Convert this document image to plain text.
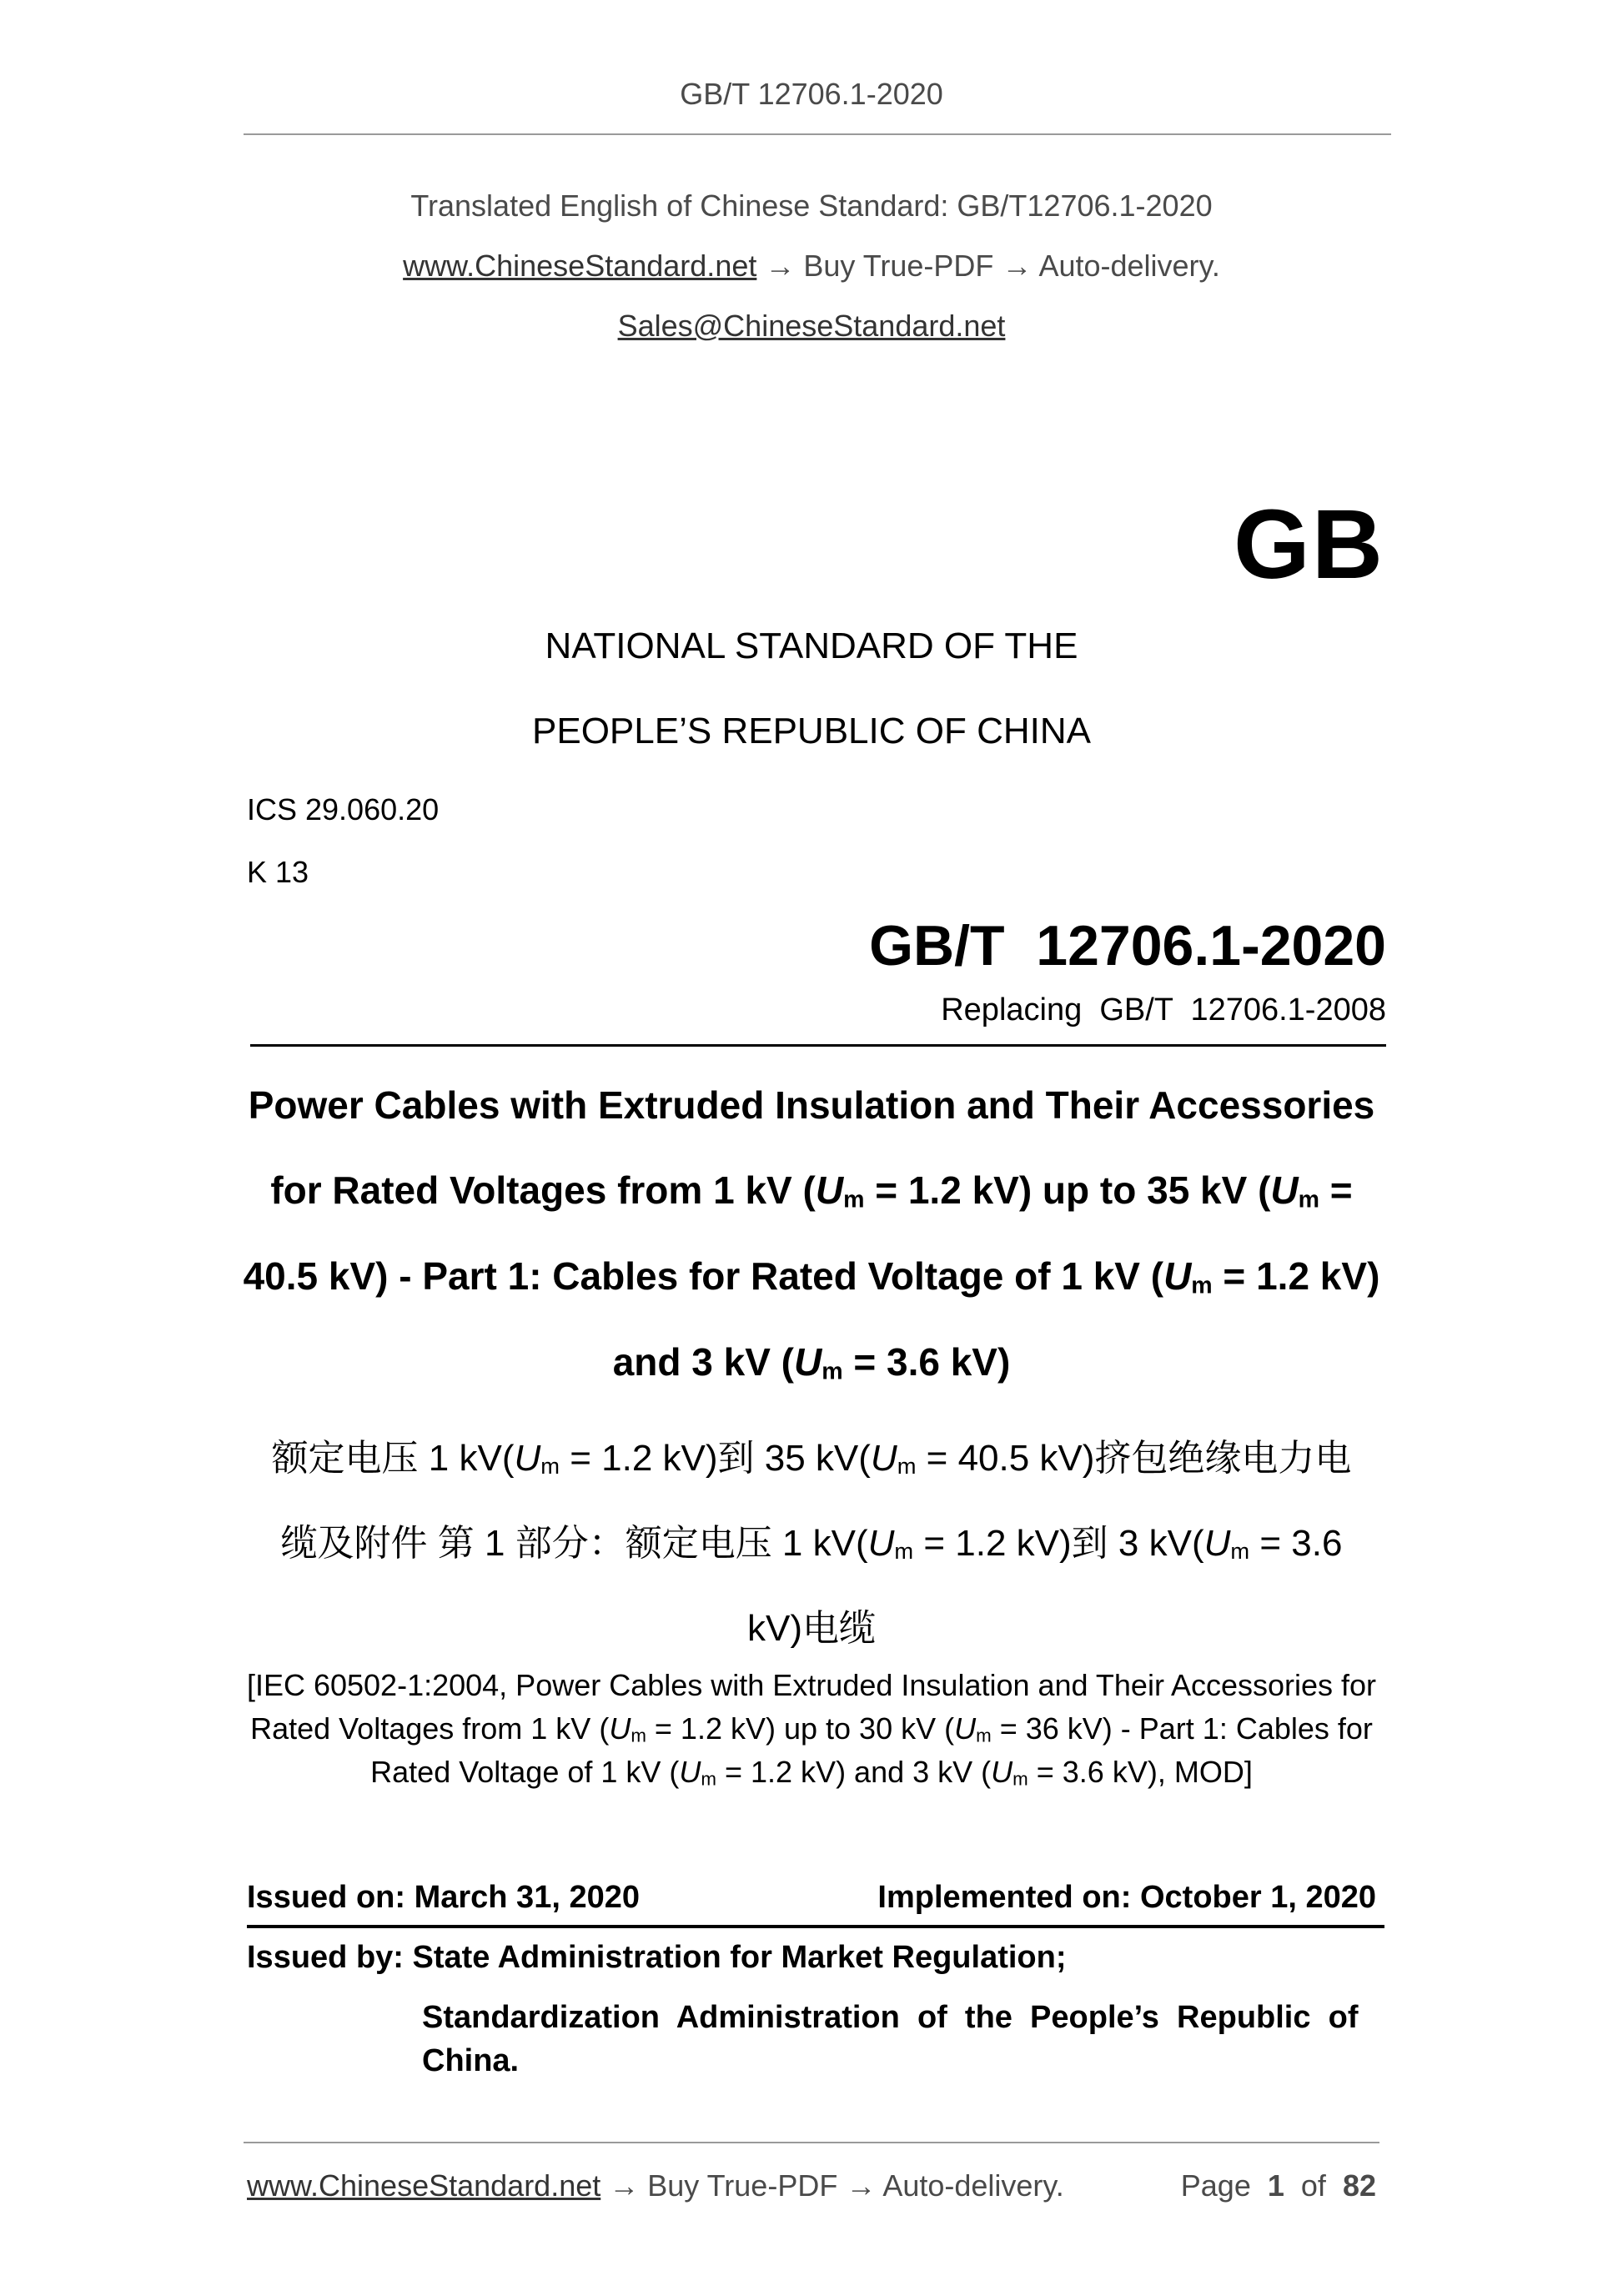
GB/T 12706.1-2020
Translated English of Chinese Standard: GB/T12706.1-2020
www.ChineseStandard.net → Buy True-PDF → Auto-delivery.
Sales@ChineseStandard.net
GB
NATIONAL STANDARD OF THE
PEOPLE’S REPUBLIC OF CHINA
ICS 29.060.20
K 13
GB/T  12706.1-2020
Replacing  GB/T  12706.1-2008
Power Cables with Extruded Insulation and Their Accessories
for Rated Voltages from 1 kV ($U_m = 1.2$ kV) up to 35 kV ($U_m$ =
40.5 kV) - Part 1: Cables for Rated Voltage of 1 kV ($U_m = 1.2$ kV)
and 3 kV ($U_m = 3.6$ kV)
额定电压 1 $kV(U_m = 1.2$ kV)到 35 $kV(U_m = 40.5$ kV)挤包绝缘电力电
缆及附件 第 1 部分：额定电压 1 $kV(U_m = 1.2$ kV)到 3 $kV(U_m = 3.6$
kV)电缆
[IEC 60502-1:2004, Power Cables with Extruded Insulation and Their Accessories for
Rated Voltages from 1 kV ($U_m = 1.2$ kV) up to 30 kV ($U_m = 36$ kV) - Part 1: Cables for
Rated Voltage of 1 kV ($U_m = 1.2$ kV) and 3 kV ($U_m = 3.6$ kV), MOD]
Issued on: March 31, 2020	Implemented on: October 1, 2020
Issued by: State Administration for Market Regulation;
Standardization  Administration  of  the  People’s  Republic  of
China.
www.ChineseStandard.net → Buy True-PDF → Auto-delivery.	Page 1 of 82
